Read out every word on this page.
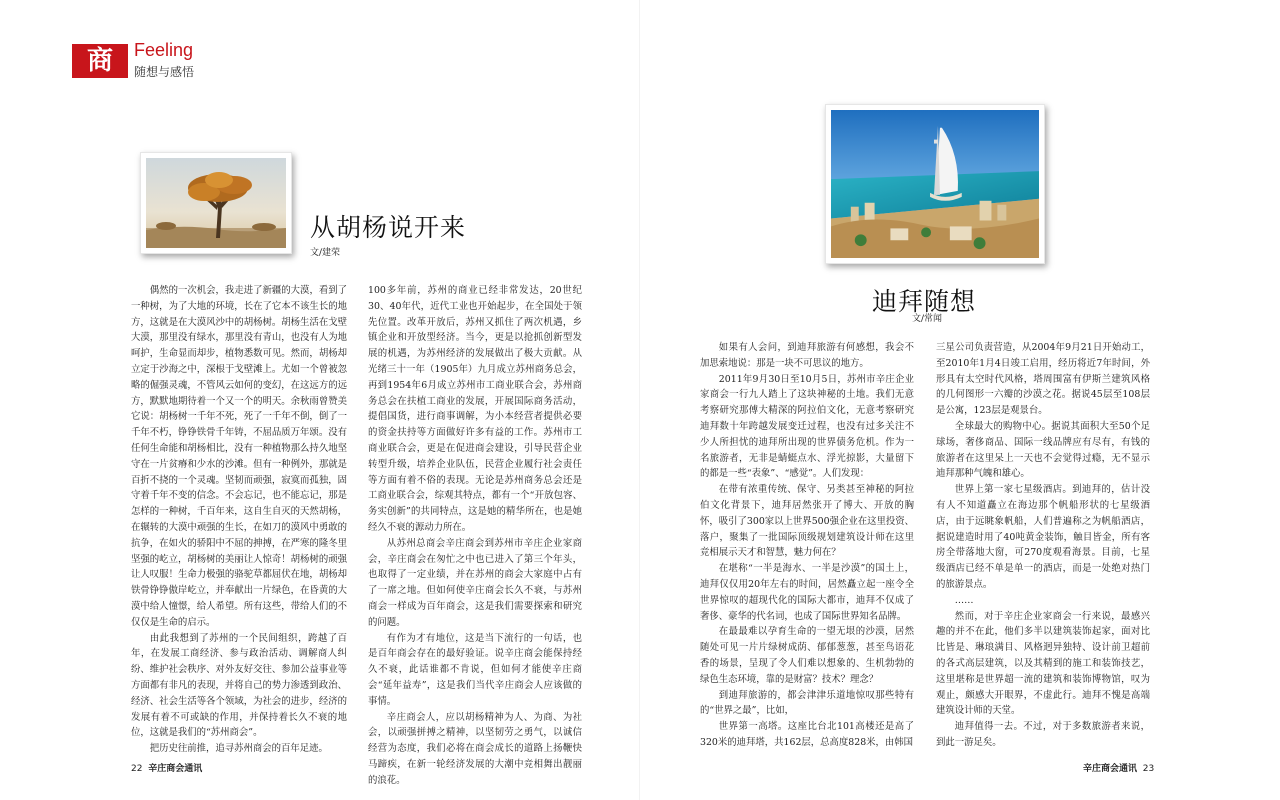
商	Feeling
随想与感悟
从胡杨说开来
文/建荣

偶然的一次机会，我走进了新疆的大漠，看到了一种树，为了大地的环境，长在了它本不该生长的地方，这就是在大漠风沙中的胡杨树。胡杨生活在戈壁大漠，那里没有绿水，那里没有青山，也没有人为地呵护，生命显而却步，植物悉数可见。然而，胡杨却立定于沙海之中，深根于戈壁滩上。尤如一个曾被忽略的倔强灵魂，不管风云如何的变幻，在这远方的远方，默默地期待着一个又一个的明天。余秋雨曾赞美它说：胡杨树一千年不死，死了一千年不倒，倒了一千年不朽，铮铮铁骨千年铸，不屈品质万年颂。没有任何生命能和胡杨相比，没有一种植物那么持久地坚守在一片贫瘠和少水的沙滩。但有一种例外，那就是百折不挠的一个灵魂。坚韧而顽强，寂寞而孤独，固守着千年不变的信念。不会忘记，也不能忘记，那是怎样的一种树，千百年来，这自生自灭的天然胡杨，在辗转的大漠中顽强的生长，在如刀的漠风中勇敢的抗争，在如火的骄阳中不屈的抻搏，在严寒的隆冬里坚强的屹立，胡杨树的美丽让人惊奇！胡杨树的顽强让人叹服！生命力极强的骆驼草都屈伏在地，胡杨却铁骨铮铮傲岸屹立，并奉献出一片绿色，在昏黄的大漠中给人憧憬，给人希望。所有这些，带给人们的不仅仅是生命的启示。

由此我想到了苏州的一个民间组织，跨越了百年，在发展工商经济、参与政治活动、调解商人纠纷、维护社会秩序、对外友好交往、参加公益事业等方面都有非凡的表现，并将自己的势力渗透到政治、经济、社会生活等各个领域，为社会的进步，经济的发展有着不可或缺的作用，并保持着长久不衰的地位，这就是我们的“苏州商会”。

把历史往前推，追寻苏州商会的百年足迹。

100多年前，苏州的商业已经非常发达，20世纪30、40年代，近代工业也开始起步，在全国处于领先位置。改革开放后，苏州又抓住了两次机遇，乡镇企业和开放型经济。当今，更是以抢抓创新型发展的机遇，为苏州经济的发展做出了极大贡献。从光绪三十一年（1905年）九月成立苏州商务总会，再到1954年6月成立苏州市工商业联合会，苏州商务总会在扶植工商业的发展，开展国际商务活动，提倡国货，进行商事调解，为小本经营者提供必要的资金扶持等方面做好许多有益的工作。苏州市工商业联合会，更是在促进商会建设，引导民营企业转型升级，培养企业队伍，民营企业履行社会责任等方面有着不俗的表现。无论是苏州商务总会还是工商业联合会，综观其特点，都有一个“开放包容、务实创新”的共同特点，这是她的精华所在，也是她经久不衰的源动力所在。

从苏州总商会辛庄商会到苏州市辛庄企业家商会，辛庄商会在匆忙之中也已进入了第三个年头，也取得了一定业绩，并在苏州的商会大家庭中占有了一席之地。但如何使辛庄商会长久不衰，与苏州商会一样成为百年商会，这是我们需要探索和研究的问题。

有作为才有地位，这是当下流行的一句话，也是百年商会存在的最好验证。说辛庄商会能保持经久不衰，此话谁都不肯说，但如何才能使辛庄商会“延年益寿”，这是我们当代辛庄商会人应该做的事情。

辛庄商会人，应以胡杨精神为人、为商、为社会，以顽强拼搏之精神，以坚韧劳之勇气，以诚信经营为态度，我们必将在商会成长的道路上扬鞭快马蹄疾，在新一轮经济发展的大潮中竞相舞出靓丽的浪花。

迪拜随想
文/常闻

如果有人会问，到迪拜旅游有何感想，我会不加思索地说：那是一块不可思议的地方。

2011年9月30日至10月5日，苏州市辛庄企业家商会一行九人踏上了这块神秘的土地。我们无意考察研究那傅大精深的阿拉伯文化，无意考察研究迪拜数十年跨越发展变迁过程，也没有过多关注不少人所担忧的迪拜所出现的世界债务危机。作为一名旅游者，无非是蜻蜓点水、浮光掠影，大量留下的都是一些“表象”、“感觉”。人们发现：

在带有浓重传统、保守、另类甚至神秘的阿拉伯文化背景下，迪拜居然张开了博大、开放的胸怀，吸引了300家以上世界500强企业在这里投资、落户，聚集了一批国际顶级规划建筑设计师在这里竞相展示天才和智慧，魅力何在？

在堪称“一半是海水、一半是沙漠”的国土上，迪拜仅仅用20年左右的时间，居然矗立起一座令全世界惊叹的超现代化的国际大都市，迪拜不仅成了奢侈、豪华的代名词，也成了国际世界知名品牌。

在最最难以孕育生命的一望无垠的沙漠，居然随处可见一片片绿树成荫、郁郁葱葱，甚至鸟语花香的场景，呈现了令人们难以想象的、生机勃勃的绿色生态环境，靠的是财富？技术？理念？

到迪拜旅游的，都会津津乐道地惊叹那些特有的“世界之最”，比如，

世界第一高塔。这座比台北101高楼还是高了320米的迪拜塔，共162层，总高度828米，由韩国

三星公司负责营造，从2004年9月21日开始动工，至2010年1月4日竣工启用，经历将近7年时间，外形具有太空时代风格，塔周围富有伊斯兰建筑风格的几何图形一六瓣的沙漠之花。据说45层至108层是公寓，123层是观景台。

全球最大的购物中心。据说其面积大至50个足球场，奢侈商品、国际一线品牌应有尽有，有钱的旅游者在这里呆上一天也不会觉得过瘾，无不显示迪拜那种气魄和雄心。

世界上第一家七星级酒店。到迪拜的，估计没有人不知道矗立在海边那个帆船形状的七星级酒店，由于远眺象帆船，人们普遍称之为帆船酒店，据说建造时用了40吨黄金装饰，触目皆金，所有客房全带落地大窗，可270度观看海景。目前，七星级酒店已经不单是单一的酒店，而是一处绝对热门的旅游景点。

……

然而，对于辛庄企业家商会一行来说，最感兴趣的并不在此，他们多半以建筑装饰起家，面对比比皆是、琳琅满目、风格迥异独特、设计前卫超前的各式高层建筑，以及其精到的施工和装饰技艺，这里堪称是世界超一流的建筑和装饰博物馆，叹为观止，颇感大开眼界，不虚此行。迪拜不愧是高端建筑设计师的天堂。

迪拜值得一去。不过，对于多数旅游者来说，到此一游足矣。

22 辛庄商会通讯	辛庄商会通讯 23
